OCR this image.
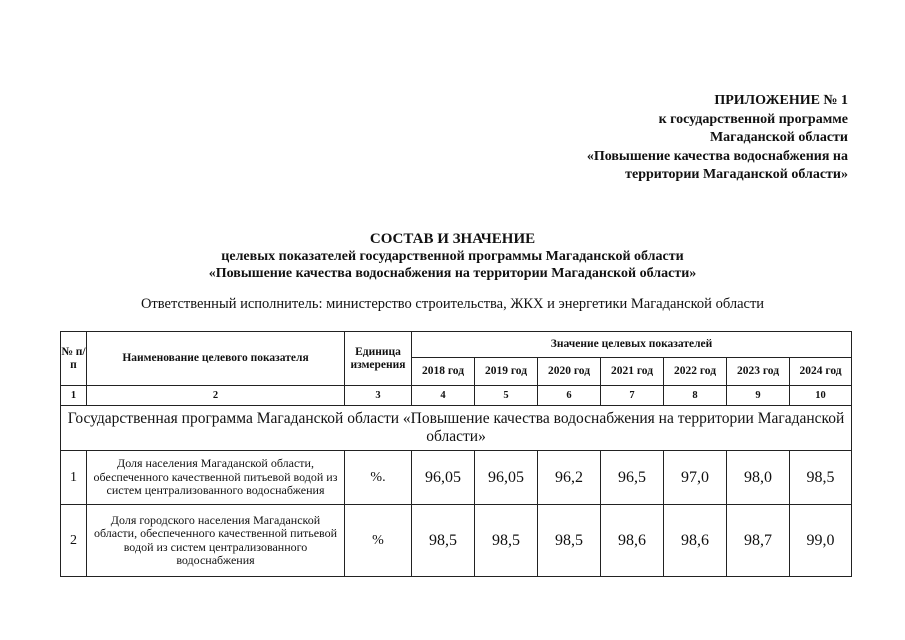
ПРИЛОЖЕНИЕ № 1
к государственной программе
Магаданской области
«Повышение качества водоснабжения на
территории Магаданской области»
СОСТАВ И ЗНАЧЕНИЕ
целевых показателей государственной программы Магаданской области
«Повышение качества водоснабжения на территории Магаданской области»
Ответственный исполнитель: министерство строительства, ЖКХ и энергетики Магаданской области
№ п/п	Наименование целевого показателя	Единица измерения	Значение целевых показателей						
			2018 год	2019 год	2020 год	2021 год	2022 год	2023 год	2024 год
1	2	3	4	5	6	7	8	9	10
Государственная программа Магаданской области «Повышение качества водоснабжения на территории Магаданской области»									
1	Доля населения Магаданской области, обеспеченного качественной питьевой водой из систем централизованного водоснабжения	%.	96,05	96,05	96,2	96,5	97,0	98,0	98,5
2	Доля городского населения Магаданской области, обеспеченного качественной питьевой водой из систем централизованного водоснабжения	%	98,5	98,5	98,5	98,6	98,6	98,7	99,0
